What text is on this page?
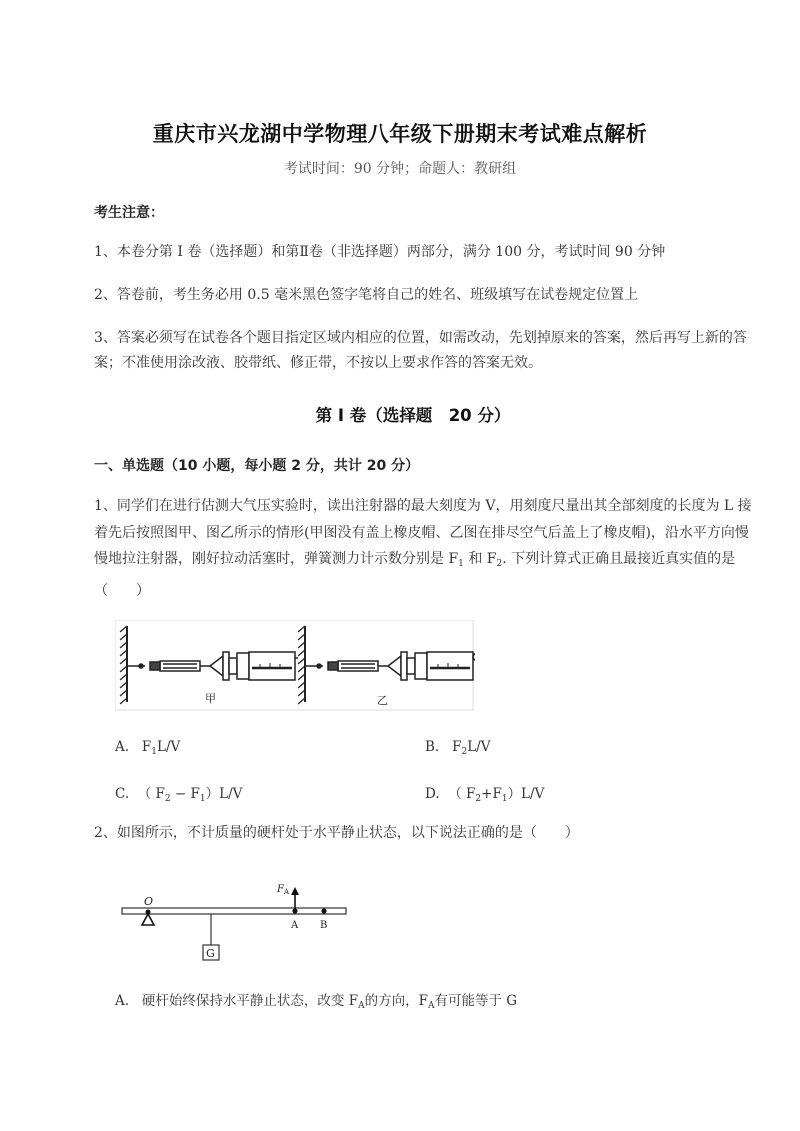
重庆市兴龙湖中学物理八年级下册期末考试难点解析
考试时间：90 分钟；命题人：教研组
考生注意：
1、本卷分第 I 卷（选择题）和第Ⅱ卷（非选择题）两部分，满分 100 分，考试时间 90 分钟
2、答卷前，考生务必用 0.5 毫米黑色签字笔将自己的姓名、班级填写在试卷规定位置上
3、答案必须写在试卷各个题目指定区域内相应的位置，如需改动，先划掉原来的答案，然后再写上新的答案；不准使用涂改液、胶带纸、修正带，不按以上要求作答的答案无效。
第 I 卷（选择题　20 分）
一、单选题（10 小题，每小题 2 分，共计 20 分）
1、同学们在进行估测大气压实验时，读出注射器的最大刻度为 V，用刻度尺量出其全部刻度的长度为 L 接着先后按照图甲、图乙所示的情形(甲图没有盖上橡皮帽、乙图在排尽空气后盖上了橡皮帽)，沿水平方向慢慢地拉注射器，刚好拉动活塞时，弹簧测力计示数分别是 $F_1$ 和 $F_2$. 下列计算式正确且最接近真实值的是（　　）
甲	乙
A. $F_1L/V$	B. $F_2L/V$
C. （ $F_2 - F_1)L/V$	D. （ $F_2+F_1)L/V$
2、如图所示，不计质量的硬杆处于水平静止状态，以下说法正确的是（　　）
O
G
F A
A B
A. 硬杆始终保持水平静止状态，改变 $F_A$的方向，$F_A$有可能等于 G
